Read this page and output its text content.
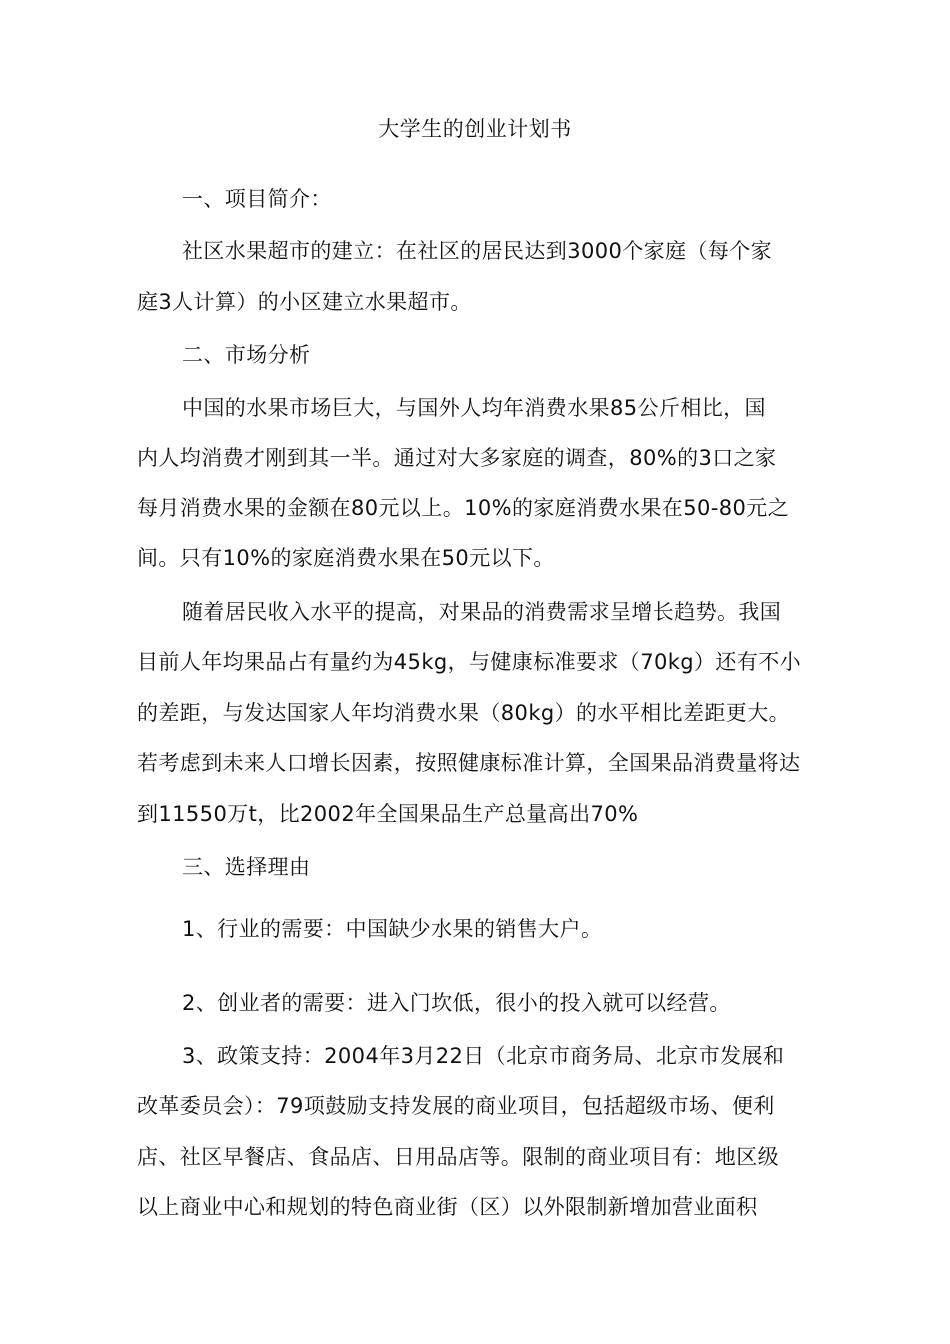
大学生的创业计划书
一、项目简介：
社区水果超市的建立：在社区的居民达到3000个家庭（每个家
庭3人计算）的小区建立水果超市。
二、市场分析
中国的水果市场巨大，与国外人均年消费水果85公斤相比，国
内人均消费才刚到其一半。通过对大多家庭的调查，80%的3口之家
每月消费水果的金额在80元以上。10%的家庭消费水果在50-80元之
间。只有10%的家庭消费水果在50元以下。
随着居民收入水平的提高，对果品的消费需求呈增长趋势。我国
目前人年均果品占有量约为45kg，与健康标准要求（70kg）还有不小
的差距，与发达国家人年均消费水果（80kg）的水平相比差距更大。
若考虑到未来人口增长因素，按照健康标准计算，全国果品消费量将达
到11550万t，比2002年全国果品生产总量高出70%
三、选择理由
1、行业的需要：中国缺少水果的销售大户。
2、创业者的需要：进入门坎低，很小的投入就可以经营。
3、政策支持：2004年3月22日（北京市商务局、北京市发展和
改革委员会）：79项鼓励支持发展的商业项目，包括超级市场、便利
店、社区早餐店、食品店、日用品店等。限制的商业项目有：地区级
以上商业中心和规划的特色商业街（区）以外限制新增加营业面积
